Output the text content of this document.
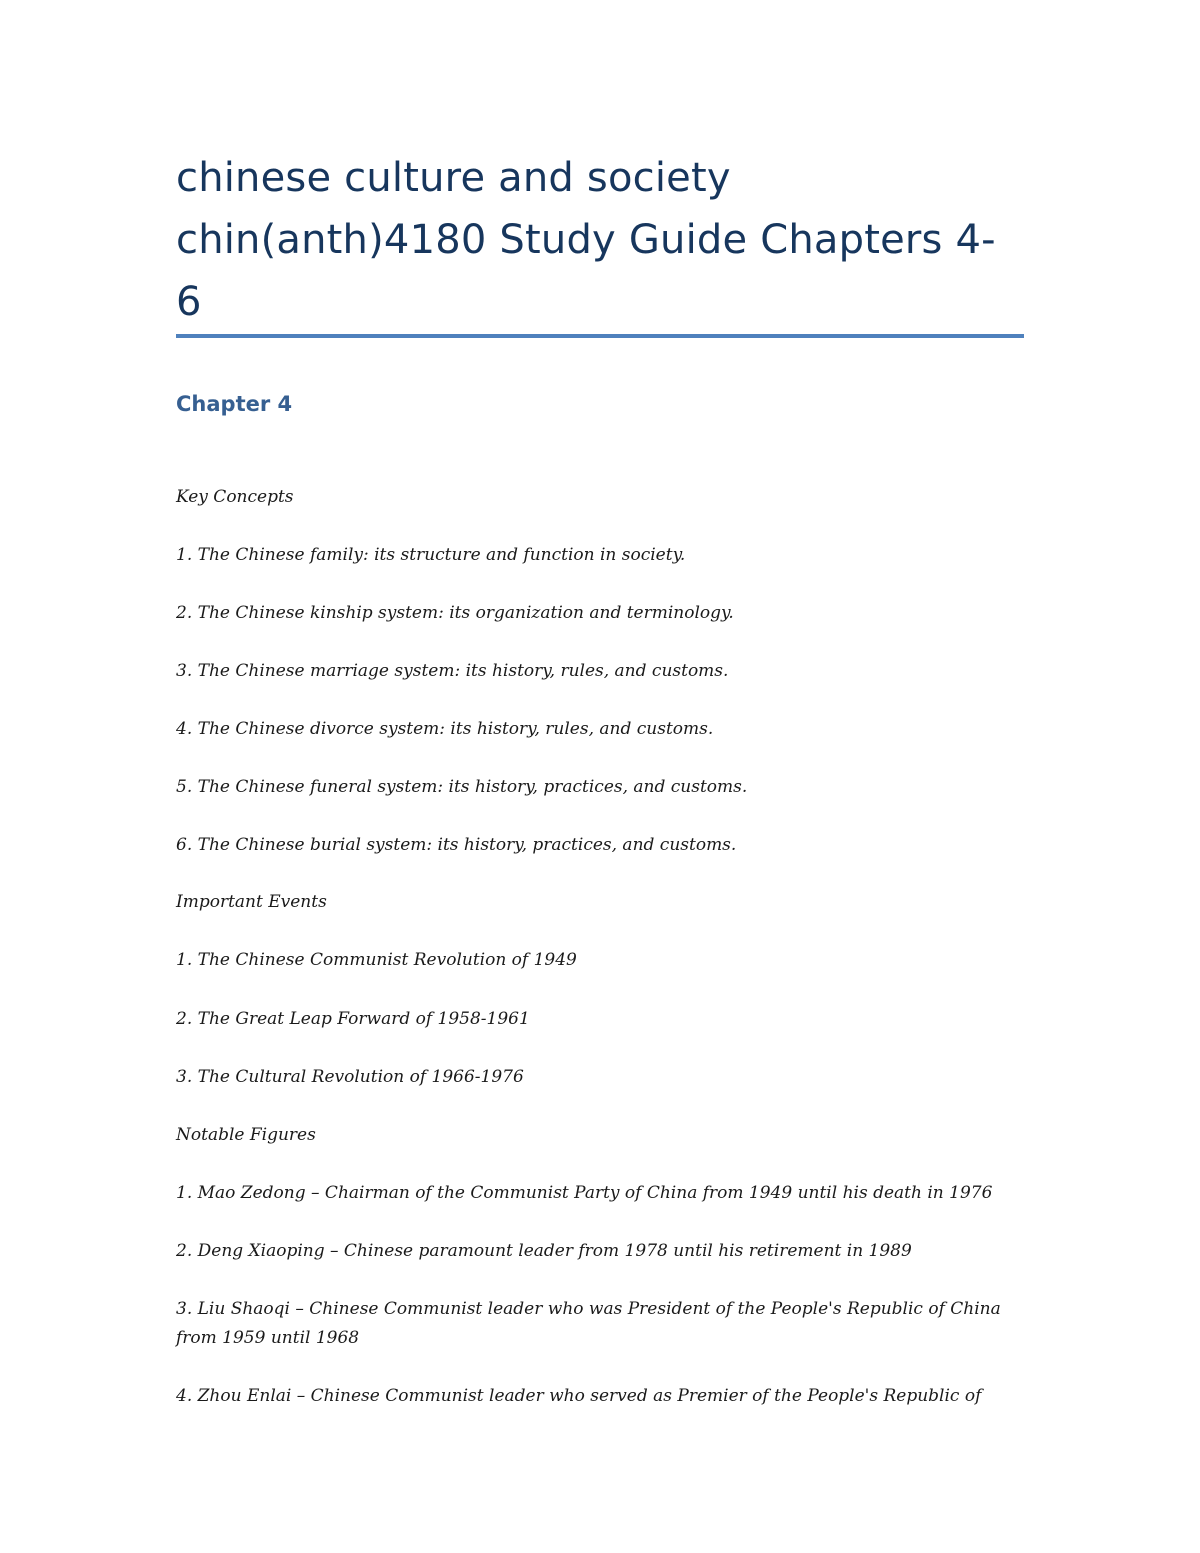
chinese culture and society
chin(anth)4180 Study Guide Chapters 4-
6
Chapter 4

Key Concepts

1. The Chinese family: its structure and function in society.

2. The Chinese kinship system: its organization and terminology.

3. The Chinese marriage system: its history, rules, and customs.

4. The Chinese divorce system: its history, rules, and customs.

5. The Chinese funeral system: its history, practices, and customs.

6. The Chinese burial system: its history, practices, and customs.

Important Events

1. The Chinese Communist Revolution of 1949

2. The Great Leap Forward of 1958-1961

3. The Cultural Revolution of 1966-1976

Notable Figures

1. Mao Zedong – Chairman of the Communist Party of China from 1949 until his death in 1976

2. Deng Xiaoping – Chinese paramount leader from 1978 until his retirement in 1989

3. Liu Shaoqi – Chinese Communist leader who was President of the People's Republic of China

from 1959 until 1968

4. Zhou Enlai – Chinese Communist leader who served as Premier of the People's Republic of
